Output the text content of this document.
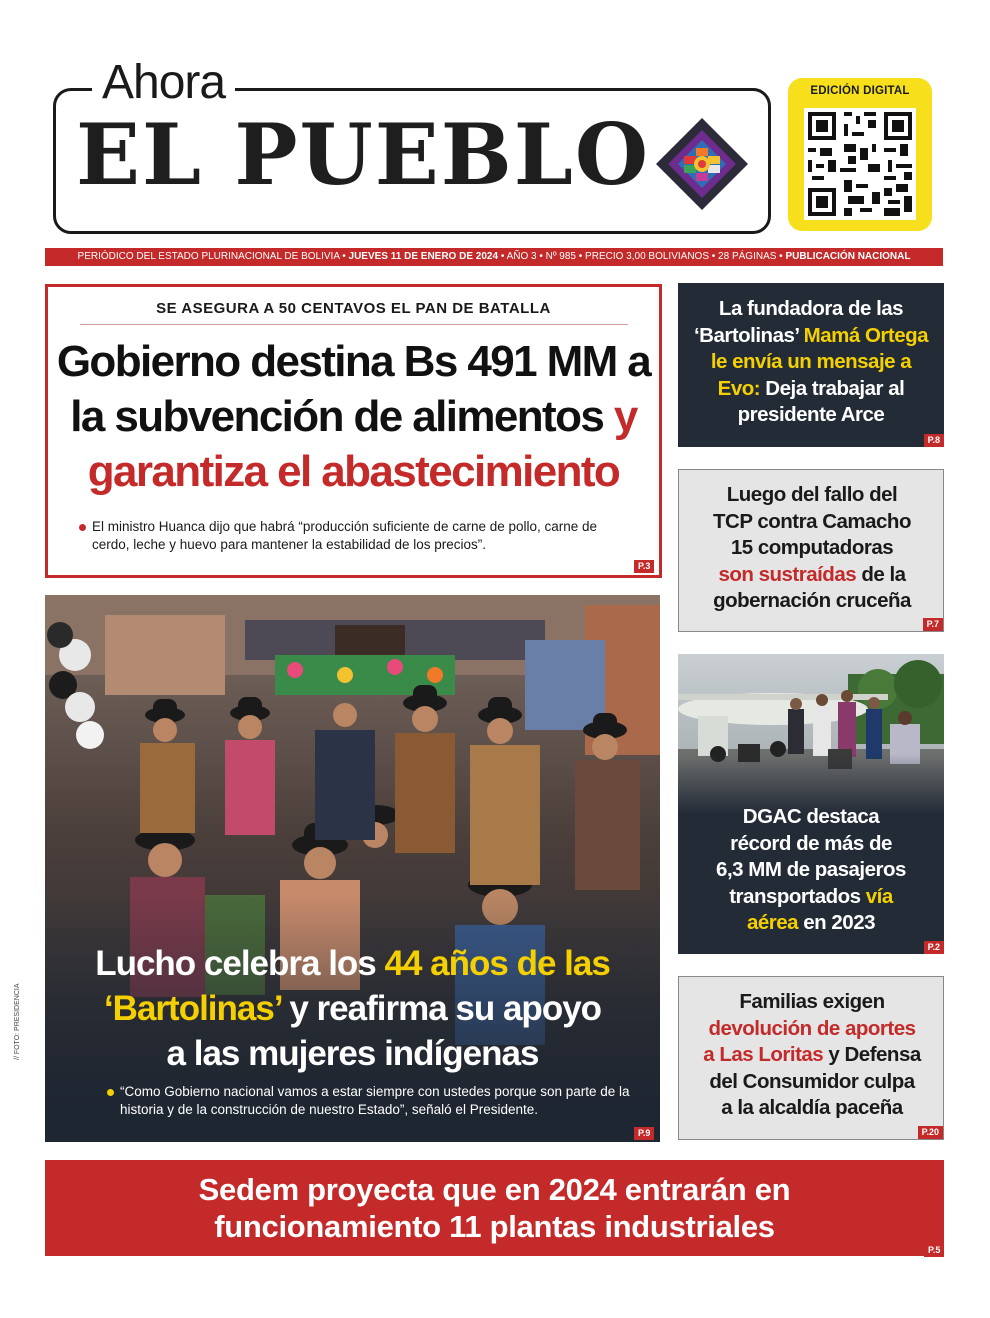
Ahora
EL PUEBLO
EDICIÓN DIGITAL
PERIÓDICO DEL ESTADO PLURINACIONAL DE BOLIVIA • JUEVES 11 DE ENERO DE 2024 • AÑO 3 • Nº 985 • PRECIO 3,00 BOLIVIANOS • 28 PÁGINAS • PUBLICACIÓN NACIONAL
SE ASEGURA A 50 CENTAVOS EL PAN DE BATALLA
Gobierno destina Bs 491 MM a
la subvención de alimentos y
garantiza el abastecimiento
El ministro Huanca dijo que habrá “producción suficiente de carne de pollo, carne de cerdo, leche y huevo para mantener la estabilidad de los precios”.
P.3
Lucho celebra los 44 años de las
‘Bartolinas’ y reafirma su apoyo
a las mujeres indígenas
“Como Gobierno nacional vamos a estar siempre con ustedes porque son parte de la historia y de la construcción de nuestro Estado”, señaló el Presidente.
P.9
// FOTO: PRESIDENCIA
La fundadora de las
‘Bartolinas’ Mamá Ortega
le envía un mensaje a
Evo: Deja trabajar al
presidente Arce
P.8
Luego del fallo del
TCP contra Camacho
15 computadoras
son sustraídas de la
gobernación cruceña
P.7
DGAC destaca
récord de más de
6,3 MM de pasajeros
transportados vía
aérea en 2023
P.2
Familias exigen
devolución de aportes
a Las Loritas y Defensa
del Consumidor culpa
a la alcaldía paceña
P.20
Sedem proyecta que en 2024 entrarán en
funcionamiento 11 plantas industriales
P.5
